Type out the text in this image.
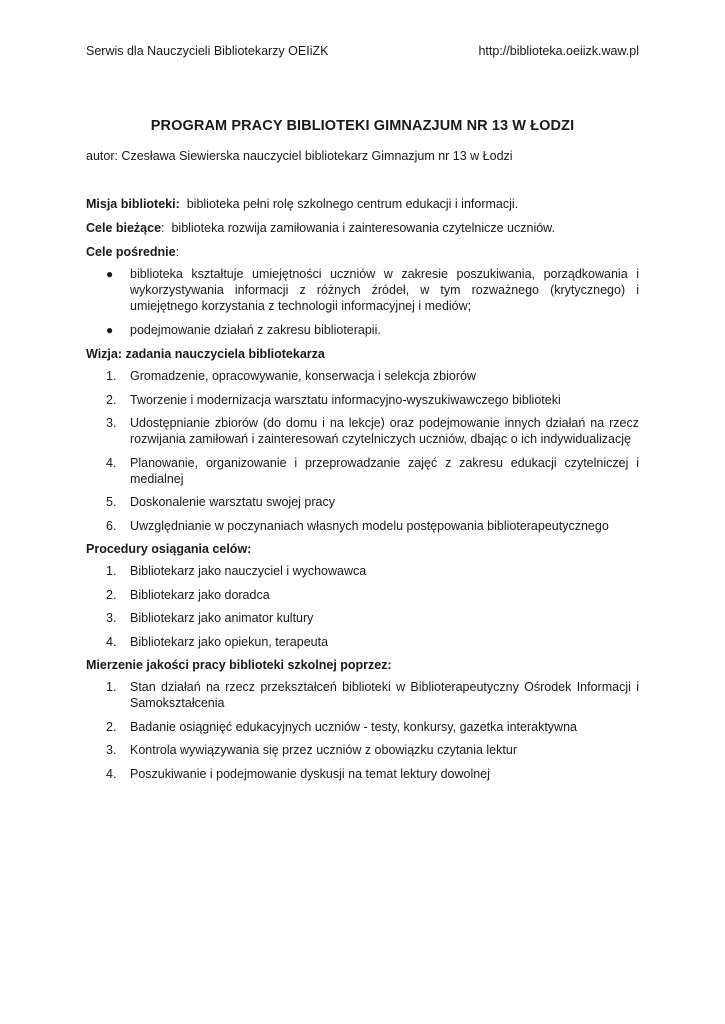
Serwis dla Nauczycieli Bibliotekarzy OEIiZK	http://biblioteka.oeiizk.waw.pl
PROGRAM PRACY BIBLIOTEKI GIMNAZJUM NR 13 W ŁODZI
autor: Czesława Siewierska nauczyciel bibliotekarz Gimnazjum nr 13 w Łodzi

Misja biblioteki: biblioteka pełni rolę szkolnego centrum edukacji i informacji.

Cele bieżące:  biblioteka rozwija zamiłowania i zainteresowania czytelnicze uczniów.

Cele pośrednie:

● biblioteka kształtuje umiejętności uczniów w zakresie poszukiwania, porządkowania i wykorzystywania informacji z różnych źródeł, w tym rozważnego (krytycznego) i umiejętnego korzystania z technologii informacyjnej i mediów;
● podejmowanie działań z zakresu biblioterapii.

Wizja: zadania nauczyciela bibliotekarza

1. Gromadzenie, opracowywanie, konserwacja i selekcja zbiorów
2. Tworzenie i modernizacja warsztatu informacyjno-wyszukiwawczego biblioteki
3. Udostępnianie zbiorów (do domu i na lekcje) oraz podejmowanie innych działań na rzecz rozwijania zamiłowań i zainteresowań czytelniczych uczniów, dbając o ich indywidualizację
4. Planowanie, organizowanie i przeprowadzanie zajęć z zakresu edukacji czytelniczej i medialnej
5. Doskonalenie warsztatu swojej pracy
6. Uwzględnianie w poczynaniach własnych modelu postępowania biblioterapeutycznego

Procedury osiągania celów:

1. Bibliotekarz jako nauczyciel i wychowawca
2. Bibliotekarz jako doradca
3. Bibliotekarz jako animator kultury
4. Bibliotekarz jako opiekun, terapeuta

Mierzenie jakości pracy biblioteki szkolnej poprzez:

1. Stan działań na rzecz przekształceń biblioteki w Biblioterapeutyczny Ośrodek Informacji i Samokształcenia
2. Badanie osiągnięć edukacyjnych uczniów - testy, konkursy, gazetka interaktywna
3. Kontrola wywiązywania się przez uczniów z obowiązku czytania lektur
4. Poszukiwanie i podejmowanie dyskusji na temat lektury dowolnej
